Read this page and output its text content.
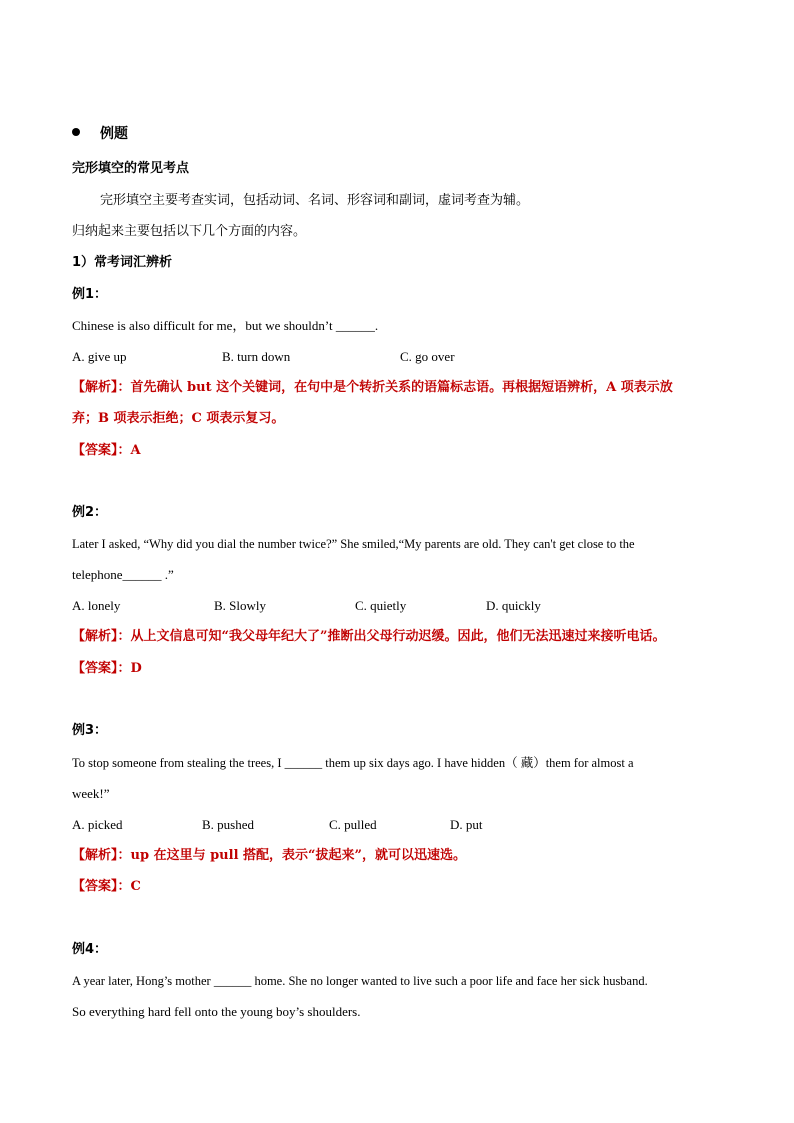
例题
完形填空的常见考点
完形填空主要考查实词，包括动词、名词、形容词和副词，虚词考查为辅。
归纳起来主要包括以下几个方面的内容。
1）常考词汇辨析
例1：
Chinese is also difficult for me，but we shouldn’t ______.
A. give up	B. turn down	C. go over
【解析】：首先确认 but 这个关键词，在句中是个转折关系的语篇标志语。再根据短语辨析，A 项表示放
弃；B 项表示拒绝；C 项表示复习。
【答案】：A
例2：
Later I asked, “Why did you dial the number twice?” She smiled,“My parents are old. They can't get close to the
telephone______ .”
A. lonely	B. Slowly	C. quietly	D. quickly
【解析】：从上文信息可知“我父母年纪大了”推断出父母行动迟缓。因此，他们无法迅速过来接听电话。
【答案】：D
例3：
To stop someone from stealing the trees, I ______ them up six days ago. I have hidden（ 藏）them for almost a
week!”
A. picked	B. pushed	C. pulled	D. put
【解析】：up 在这里与 pull 搭配，表示“拔起来”，就可以迅速选。
【答案】：C
例4：
A year later, Hong’s mother ______ home. She no longer wanted to live such a poor life and face her sick husband.
So everything hard fell onto the young boy’s shoulders.
